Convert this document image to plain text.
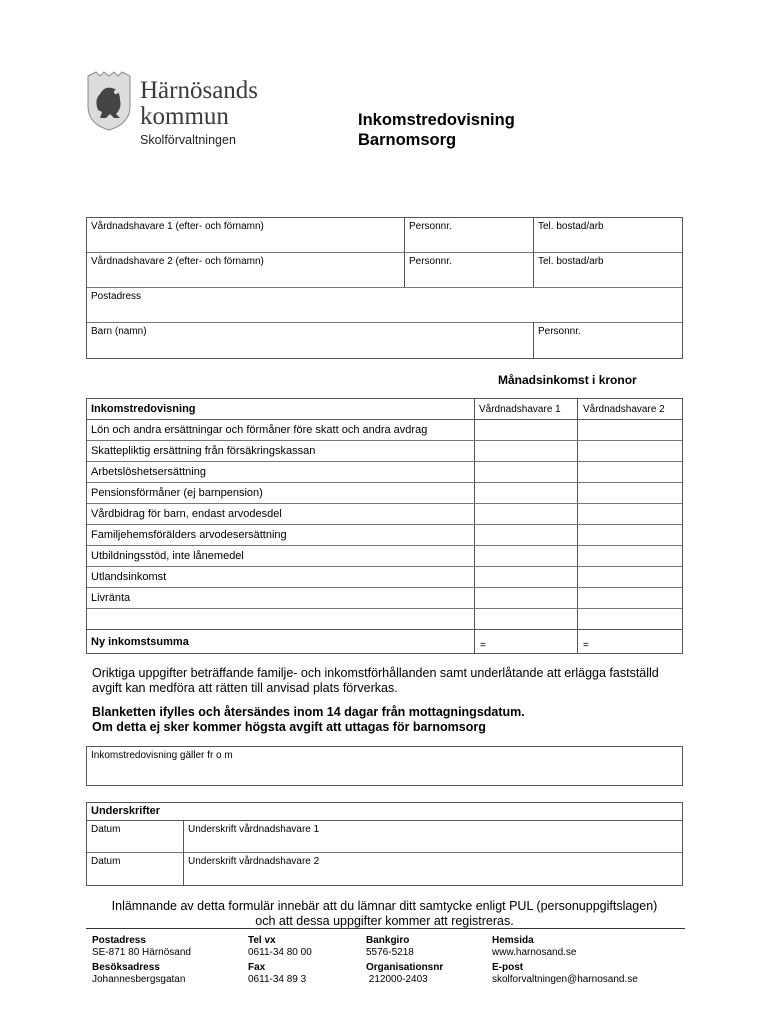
Härnösands
kommun
Skolförvaltningen
Inkomstredovisning
Barnomsorg
Vårdnadshavare 1 (efter- och förnamn)	Personnr.	Tel. bostad/arb
Vårdnadshavare 2 (efter- och förnamn)	Personnr.	Tel. bostad/arb
Postadress
Barn (namn)	Personnr.
Månadsinkomst i kronor
Inkomstredovisning	Vårdnadshavare 1 Vårdnadshavare 2
Lön och andra ersättningar och förmåner före skatt och andra avdrag
Skattepliktig ersättning från försäkringskassan
Arbetslöshetsersättning
Pensionsförmåner (ej barnpension)
Vårdbidrag för barn, endast arvodesdel
Familjehemsförälders arvodesersättning
Utbildningsstöd, inte lånemedel
Utlandsinkomst
Livränta
Ny inkomstsumma	=	=
Oriktiga uppgifter beträffande familje- och inkomstförhållanden samt underlåtande att erlägga fastställd avgift kan medföra att rätten till anvisad plats förverkas.
Blanketten ifylles och återsändes inom 14 dagar från mottagningsdatum.
Om detta ej sker kommer högsta avgift att uttagas för barnomsorg
Inkomstredovisning gäller fr o m
Underskrifter
Datum	Underskrift vårdnadshavare 1
Datum	Underskrift vårdnadshavare 2
Inlämnande av detta formulär innebär att du lämnar ditt samtycke enligt PUL (personuppgiftslagen)
och att dessa uppgifter kommer att registreras.
Postadress
SE-871 80 Härnösand
Besöksadress
Johannesbergsgatan
Tel vx
0611-34 80 00
Fax
0611-34 89 3
Bankgiro
5576-5218
Organisationsnr
212000-2403
Hemsida
www.harnosand.se
E-post
skolforvaltningen@harnosand.se
